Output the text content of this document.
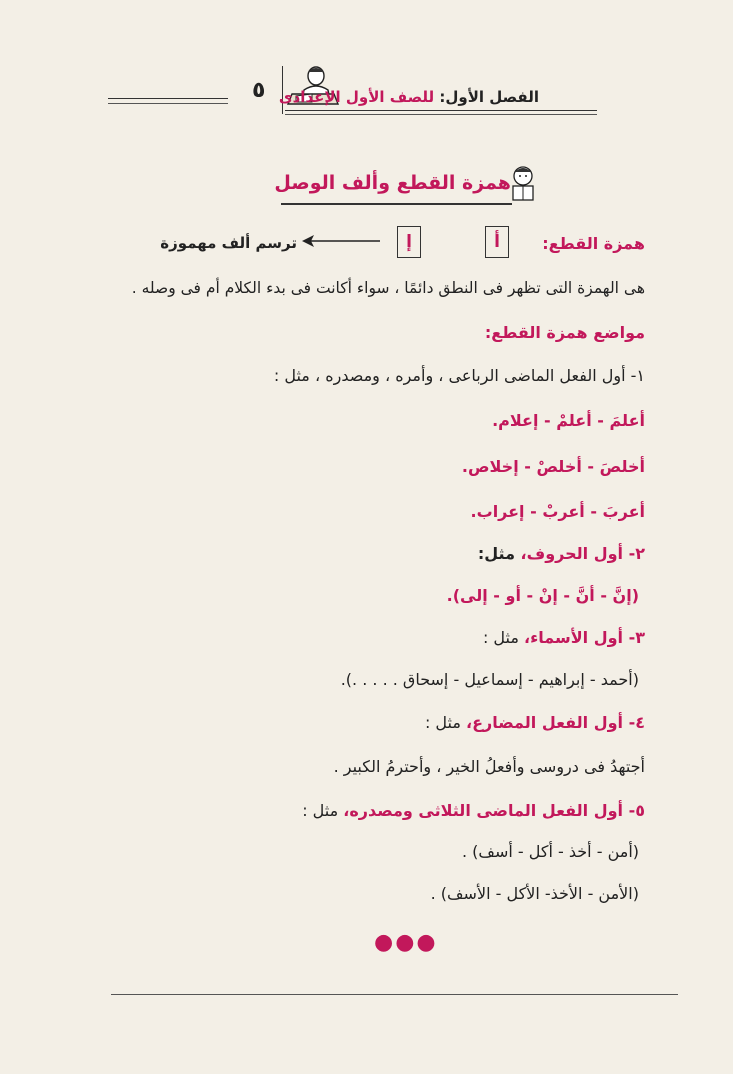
٥	الفصل الأول: للصف الأول الإعدادى
همزة القطع وألف الوصل
همزة القطع:
أ
إ
ترسم ألف مهموزة
هى الهمزة التى تظهر فى النطق دائمًا ، سواء أكانت فى بدء الكلام أم فى وصله .
مواضع همزة القطع:
١- أول الفعل الماضى الرباعى ، وأمره ، ومصدره ، مثل :
أعلمَ - أعلمْ - إعلام.
أخلصَ - أخلصْ - إخلاص.
أعربَ - أعربْ - إعراب.
٢- أول الحروف، مثل:
(إنَّ - أنَّ - إنْ - أو - إلى).
٣- أول الأسماء، مثل :
(أحمد - إبراهيم - إسماعيل - إسحاق . . . . .).
٤- أول الفعل المضارع، مثل :
أجتهدُ فى دروسى وأفعلُ الخير ، وأحترمُ الكبير .
٥- أول الفعل الماضى الثلاثى ومصدره، مثل :
(أمن - أخذ - أكل - أسف) .
(الأمن - الأخذ- الأكل - الأسف) .
●●●
